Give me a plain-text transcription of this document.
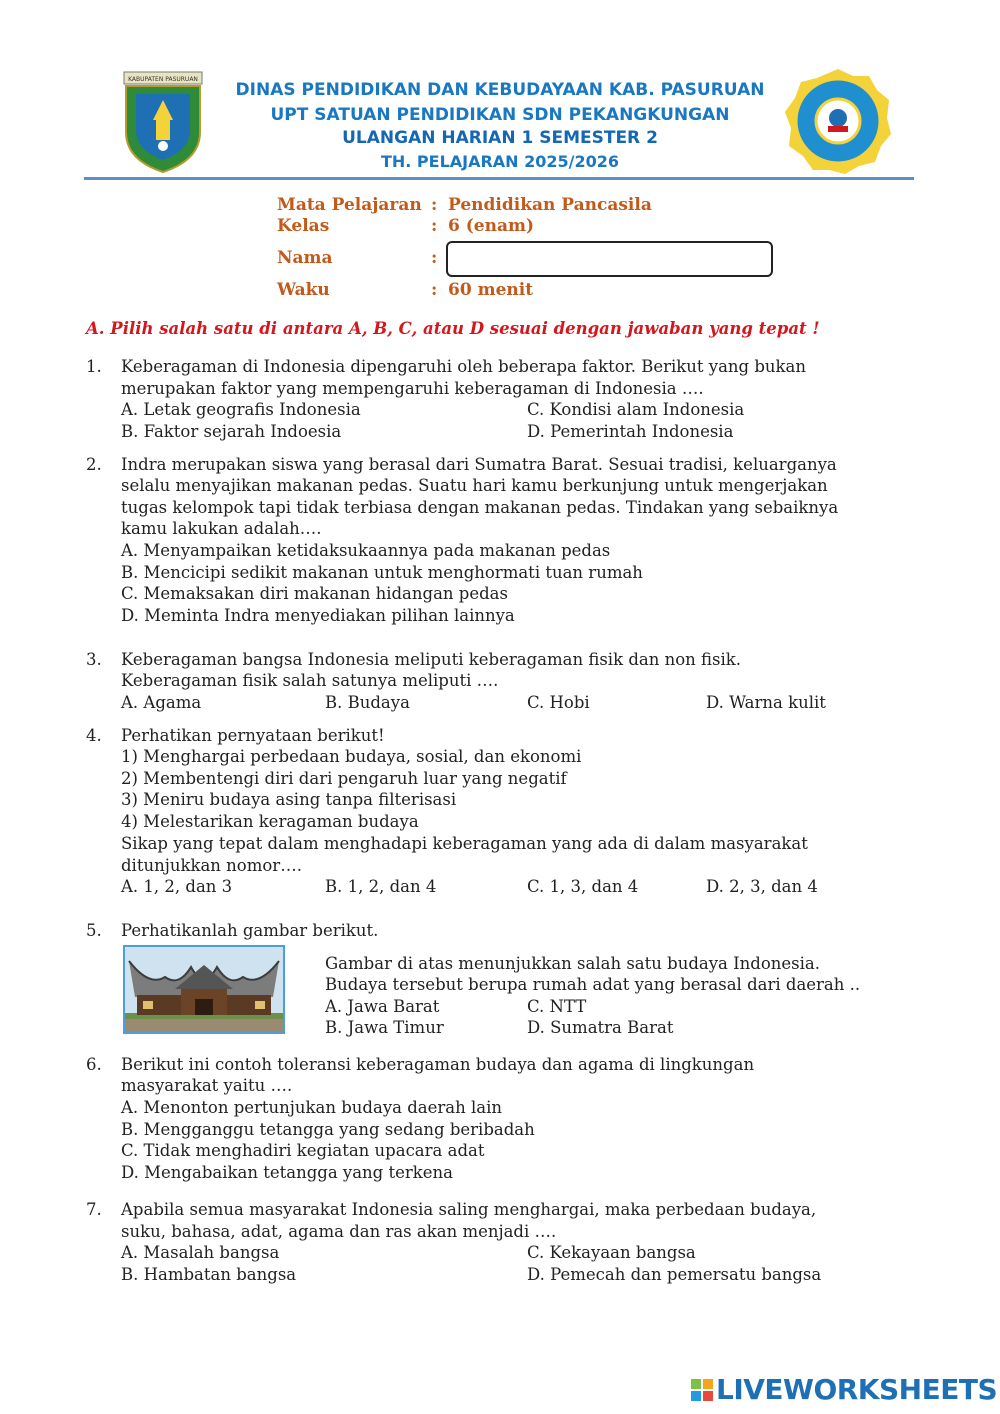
KABUPATEN PASURUAN
DINAS PENDIDIKAN DAN KEBUDAYAAN KAB. PASURUAN
UPT SATUAN PENDIDIKAN SDN PEKANGKUNGAN
ULANGAN HARIAN 1 SEMESTER 2
TH. PELAJARAN 2025/2026
Mata Pelajaran : Pendidikan Pancasila
Kelas	: 6 (enam)
Nama	:
Waku	: 60 menit
A. Pilih salah satu di antara A, B, C, atau D sesuai dengan jawaban yang tepat !
1. Keberagaman di Indonesia dipengaruhi oleh beberapa faktor. Berikut yang bukan
merupakan faktor yang mempengaruhi keberagaman di Indonesia ….
A. Letak geografis Indonesia	C. Kondisi alam Indonesia
B. Faktor sejarah Indoesia	D. Pemerintah Indonesia
2. Indra merupakan siswa yang berasal dari Sumatra Barat. Sesuai tradisi, keluarganya
selalu menyajikan makanan pedas. Suatu hari kamu berkunjung untuk mengerjakan
tugas kelompok tapi tidak terbiasa dengan makanan pedas. Tindakan yang sebaiknya
kamu lakukan adalah….
A. Menyampaikan ketidaksukaannya pada makanan pedas
B. Mencicipi sedikit makanan untuk menghormati tuan rumah
C. Memaksakan diri makanan hidangan pedas
D. Meminta Indra menyediakan pilihan lainnya
3. Keberagaman bangsa Indonesia meliputi keberagaman fisik dan non fisik.
Keberagaman fisik salah satunya meliputi ….
A. Agama	B. Budaya	C. Hobi	D. Warna kulit
4. Perhatikan pernyataan berikut!
1) Menghargai perbedaan budaya, sosial, dan ekonomi
2) Membentengi diri dari pengaruh luar yang negatif
3) Meniru budaya asing tanpa filterisasi
4) Melestarikan keragaman budaya
Sikap yang tepat dalam menghadapi keberagaman yang ada di dalam masyarakat
ditunjukkan nomor….
A. 1, 2, dan 3	B. 1, 2, dan 4	C. 1, 3, dan 4	D. 2, 3, dan 4
5. Perhatikanlah gambar berikut.
Gambar di atas menunjukkan salah satu budaya Indonesia.
Budaya tersebut berupa rumah adat yang berasal dari daerah ..
A. Jawa Barat	C. NTT
B. Jawa Timur	D. Sumatra Barat
6. Berikut ini contoh toleransi keberagaman budaya dan agama di lingkungan
masyarakat yaitu ….
A. Menonton pertunjukan budaya daerah lain
B. Mengganggu tetangga yang sedang beribadah
C. Tidak menghadiri kegiatan upacara adat
D. Mengabaikan tetangga yang terkena
7. Apabila semua masyarakat Indonesia saling menghargai, maka perbedaan budaya,
suku, bahasa, adat, agama dan ras akan menjadi ….
A. Masalah bangsa	C. Kekayaan bangsa
B. Hambatan bangsa	D. Pemecah dan pemersatu bangsa
LIVEWORKSHEETS
